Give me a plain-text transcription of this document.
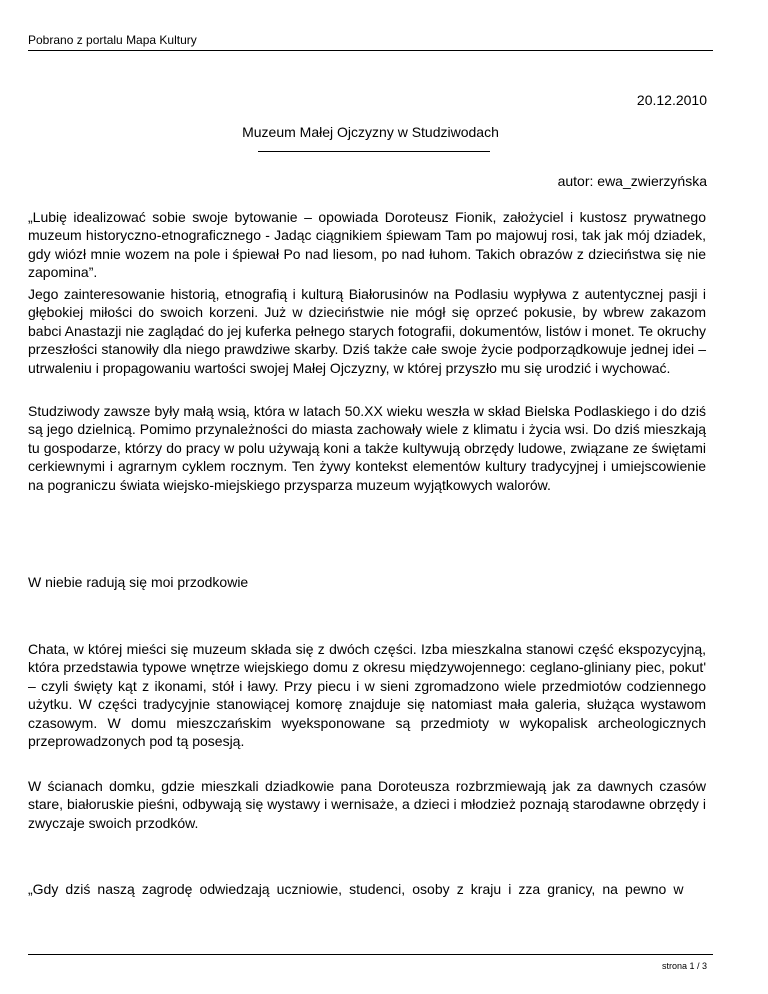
Pobrano z portalu Mapa Kultury
20.12.2010
Muzeum Małej Ojczyzny w Studziwodach
autor: ewa_zwierzyńska

„Lubię idealizować sobie swoje bytowanie – opowiada Doroteusz Fionik, założyciel i kustosz prywatnego muzeum historyczno-etnograficznego - Jadąc ciągnikiem śpiewam Tam po majowuj rosi, tak jak mój dziadek, gdy wiózł mnie wozem na pole i śpiewał Po nad liesom, po nad łuhom. Takich obrazów z dzieciństwa się nie zapomina”.

Jego zainteresowanie historią, etnografią i kulturą Białorusinów na Podlasiu wypływa z autentycznej pasji i głębokiej miłości do swoich korzeni. Już w dzieciństwie nie mógł się oprzeć pokusie, by wbrew zakazom babci Anastazji nie zaglądać do jej kuferka pełnego starych fotografii, dokumentów, listów i monet. Te okruchy przeszłości stanowiły dla niego prawdziwe skarby. Dziś także całe swoje życie podporządkowuje jednej idei – utrwaleniu i propagowaniu wartości swojej Małej Ojczyzny, w której przyszło mu się urodzić i wychować.

Studziwody zawsze były małą wsią, która w latach 50.XX wieku weszła w skład Bielska Podlaskiego i do dziś są jego dzielnicą. Pomimo przynależności do miasta zachowały wiele z klimatu i życia wsi. Do dziś mieszkają tu gospodarze, którzy do pracy w polu używają koni a także kultywują obrzędy ludowe, związane ze świętami cerkiewnymi i agrarnym cyklem rocznym. Ten żywy kontekst elementów kultury tradycyjnej i umiejscowienie na pograniczu świata wiejsko-miejskiego przysparza muzeum wyjątkowych walorów.

W niebie radują się moi przodkowie

Chata, w której mieści się muzeum składa się z dwóch części. Izba mieszkalna stanowi część ekspozycyjną, która przedstawia typowe wnętrze wiejskiego domu z okresu międzywojennego: ceglano-gliniany piec, pokut' – czyli święty kąt z ikonami, stół i ławy. Przy piecu i w sieni zgromadzono wiele przedmiotów codziennego użytku. W części tradycyjnie stanowiącej komorę znajduje się natomiast mała galeria, służąca wystawom czasowym. W domu mieszczańskim wyeksponowane są przedmioty w wykopalisk archeologicznych przeprowadzonych pod tą posesją.

W ścianach domku, gdzie mieszkali dziadkowie pana Doroteusza rozbrzmiewają jak za dawnych czasów stare, białoruskie pieśni, odbywają się wystawy i wernisaże, a dzieci i młodzież poznają starodawne obrzędy i zwyczaje swoich przodków.

„Gdy dziś naszą zagrodę odwiedzają uczniowie, studenci, osoby z kraju i zza granicy, na pewno w

strona 1 / 3
